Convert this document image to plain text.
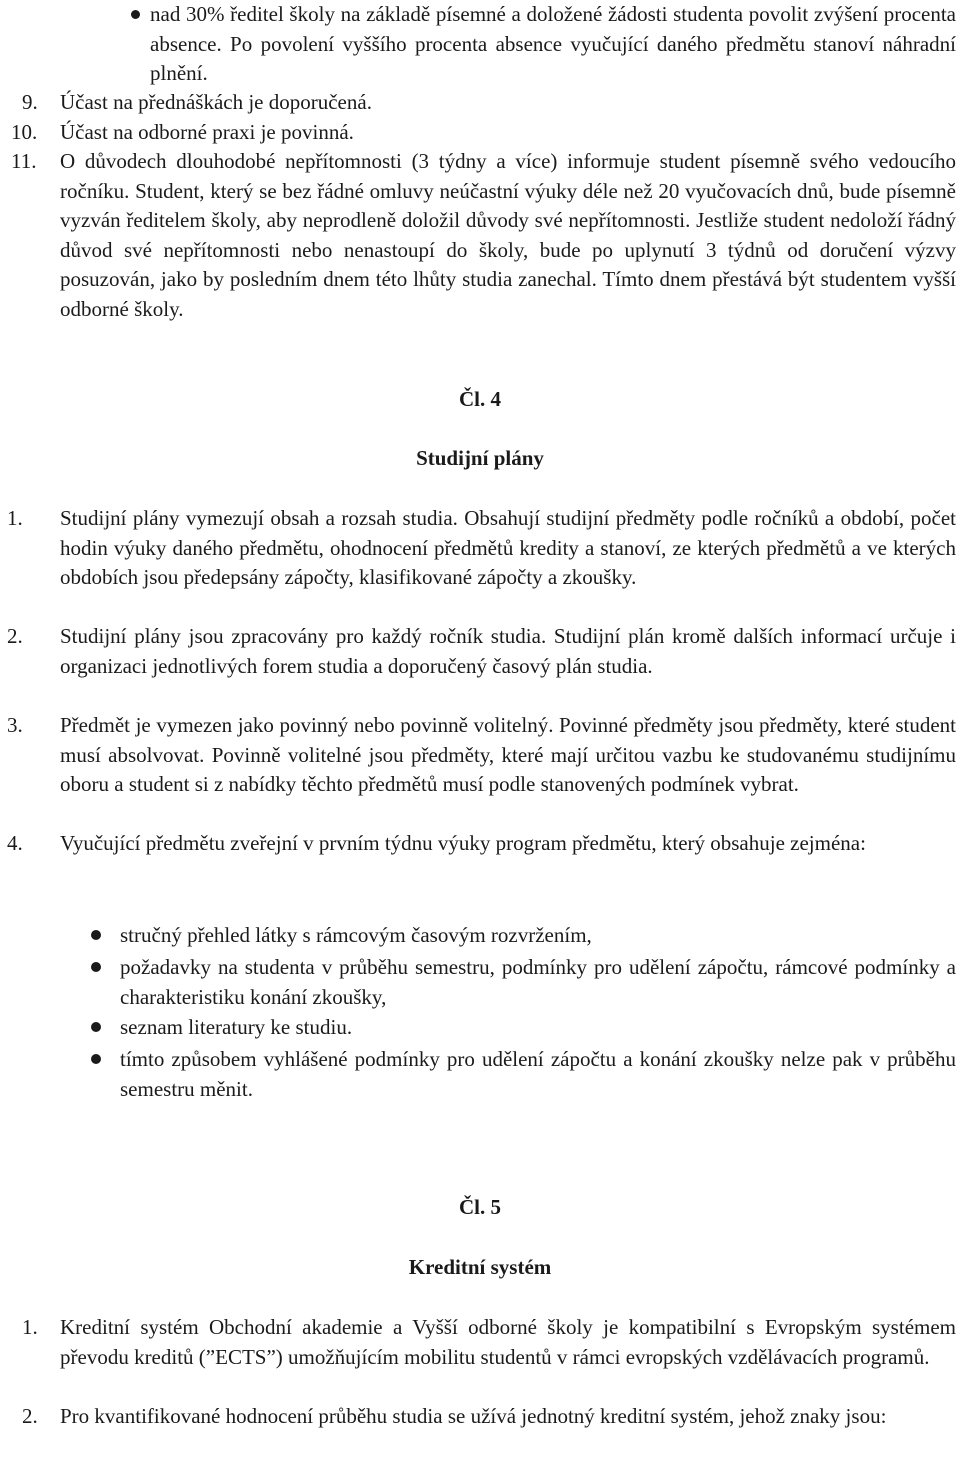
nad 30% ředitel školy na základě písemné a doložené žádosti studenta povolit zvýšení procenta absence. Po povolení vyššího procenta absence vyučující daného předmětu stanoví náhradní plnění.
9. Účast na přednáškách je doporučená.
10. Účast na odborné praxi je povinná.
11. O důvodech dlouhodobé nepřítomnosti (3 týdny a více) informuje student písemně svého vedoucího ročníku. Student, který se bez řádné omluvy neúčastní výuky déle než 20 vyučovacích dnů, bude písemně vyzván ředitelem školy, aby neprodleně doložil důvody své nepřítomnosti. Jestliže student nedoloží řádný důvod své nepřítomnosti nebo nenastoupí do školy, bude po uplynutí 3 týdnů od doručení výzvy posuzován, jako by posledním dnem této lhůty studia zanechal. Tímto dnem přestává být studentem vyšší odborné školy.
Čl. 4
Studijní plány
1. Studijní plány vymezují obsah a rozsah studia. Obsahují studijní předměty podle ročníků a období, počet hodin výuky daného předmětu, ohodnocení předmětů kredity a stanoví, ze kterých předmětů a ve kterých obdobích jsou předepsány zápočty, klasifikované zápočty a zkoušky.
2. Studijní plány jsou zpracovány pro každý ročník studia. Studijní plán kromě dalších informací určuje i organizaci jednotlivých forem studia a doporučený časový plán studia.
3. Předmět je vymezen jako povinný nebo povinně volitelný. Povinné předměty jsou předměty, které student musí absolvovat. Povinně volitelné jsou předměty, které mají určitou vazbu ke studovanému studijnímu oboru a student si z nabídky těchto předmětů musí podle stanovených podmínek vybrat.
4. Vyučující předmětu zveřejní v prvním týdnu výuky program předmětu, který obsahuje zejména:
stručný přehled látky s rámcovým časovým rozvržením,
požadavky na studenta v průběhu semestru, podmínky pro udělení zápočtu, rámcové podmínky a charakteristiku konání zkoušky,
seznam literatury ke studiu.
tímto způsobem vyhlášené podmínky pro udělení zápočtu a konání zkoušky nelze pak v průběhu semestru měnit.
Čl. 5
Kreditní systém
1. Kreditní systém Obchodní akademie a Vyšší odborné školy je kompatibilní s Evropským systémem převodu kreditů (”ECTS”) umožňujícím mobilitu studentů v rámci evropských vzdělávacích programů.
2. Pro kvantifikované hodnocení průběhu studia se užívá jednotný kreditní systém, jehož znaky jsou:
